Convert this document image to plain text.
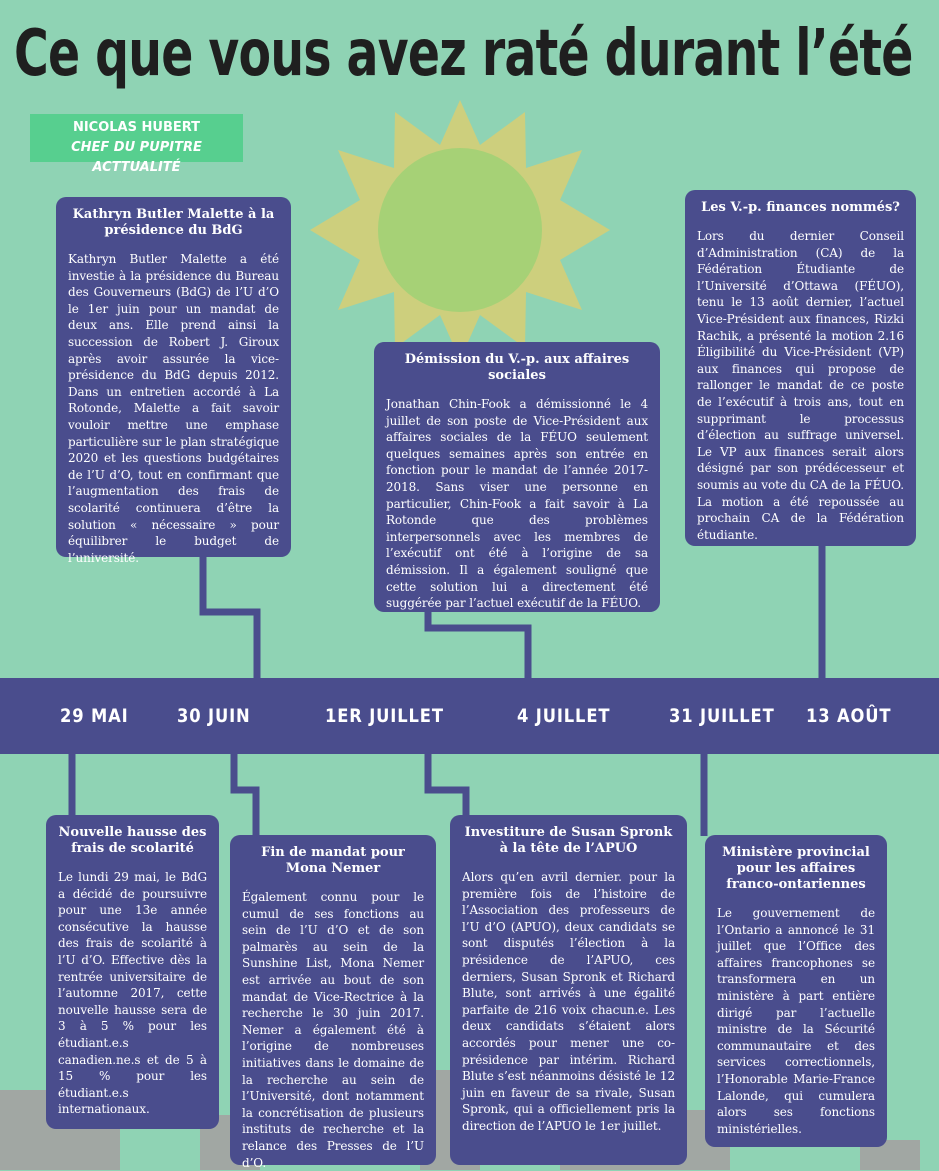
Ce que vous avez raté durant l’été
NICOLAS HUBERT
CHEF DU PUPITRE ACTTUALITÉ
29 MAI	30 JUIN	1ER JUILLET	4 JUILLET	31 JUILLET 13 AOÛT
Kathryn Butler Malette à la présidence du BdG

Kathryn Butler Malette a été investie à la présidence du Bureau des Gouverneurs (BdG) de l’U d’O le 1er juin pour un mandat de deux ans. Elle prend ainsi la succession de Robert J. Giroux après avoir assurée la vice-présidence du BdG depuis 2012. Dans un entretien accordé à La Rotonde, Malette a fait savoir vouloir mettre une emphase particulière sur le plan stratégique 2020 et les questions budgétaires de l’U d’O, tout en confirmant que l’augmentation des frais de scolarité continuera d’être la solution « nécessaire » pour équilibrer le budget de l’université.

Démission du V.-p. aux affaires sociales

Jonathan Chin-Fook a démissionné le 4 juillet de son poste de Vice-Président aux affaires sociales de la FÉUO seulement quelques semaines après son entrée en fonction pour le mandat de l’année 2017-2018. Sans viser une personne en particulier, Chin-Fook a fait savoir à La Rotonde que des problèmes interpersonnels avec les membres de l’exécutif ont été à l’origine de sa démission. Il a également souligné que cette solution lui a directement été suggérée par l’actuel exécutif de la FÉUO.

Les V.-p. finances nommés?

Lors du dernier Conseil d’Administration (CA) de la Fédération Étudiante de l’Université d’Ottawa (FÉUO), tenu le 13 août dernier, l’actuel Vice-Président aux finances, Rizki Rachik, a présenté la motion 2.16 Éligibilité du Vice-Président (VP) aux finances qui propose de rallonger le mandat de ce poste de l’exécutif à trois ans, tout en supprimant le processus d’élection au suffrage universel. Le VP aux finances serait alors désigné par son prédécesseur et soumis au vote du CA de la FÉUO. La motion a été repoussée au prochain CA de la Fédération étudiante.

Nouvelle hausse des frais de scolarité

Le lundi 29 mai, le BdG a décidé de poursuivre pour une 13e année consécutive la hausse des frais de scolarité à l’U d’O. Effective dès la rentrée universitaire de l’automne 2017, cette nouvelle hausse sera de 3 à 5 % pour les étudiant.e.s canadien.ne.s et de 5 à 15 % pour les étudiant.e.s internationaux.

Fin de mandat pour Mona Nemer

Également connu pour le cumul de ses fonctions au sein de l’U d’O et de son palmarès au sein de la Sunshine List, Mona Nemer est arrivée au bout de son mandat de Vice-Rectrice à la recherche le 30 juin 2017. Nemer a également été à l’origine de nombreuses initiatives dans le domaine de la recherche au sein de l’Université, dont notamment la concrétisation de plusieurs instituts de recherche et la relance des Presses de l’U d’O.

Investiture de Susan Spronk à la tête de l’APUO

Alors qu’en avril dernier. pour la première fois de l’histoire de l’Association des professeurs de l’U d’O (APUO), deux candidats se sont disputés l’élection à la présidence de l’APUO, ces derniers, Susan Spronk et Richard Blute, sont arrivés à une égalité parfaite de 216 voix chacun.e. Les deux candidats s’étaient alors accordés pour mener une co-présidence par intérim. Richard Blute s’est néanmoins désisté le 12 juin en faveur de sa rivale, Susan Spronk, qui a officiellement pris la direction de l’APUO le 1er juillet.

Ministère provincial pour les affaires franco-ontariennes

Le gouvernement de l’Ontario a annoncé le 31 juillet que l’Office des affaires francophones se transformera en un ministère à part entière dirigé par l’actuelle ministre de la Sécurité communautaire et des services correctionnels, l’Honorable Marie-France Lalonde, qui cumulera alors ses fonctions ministérielles.
